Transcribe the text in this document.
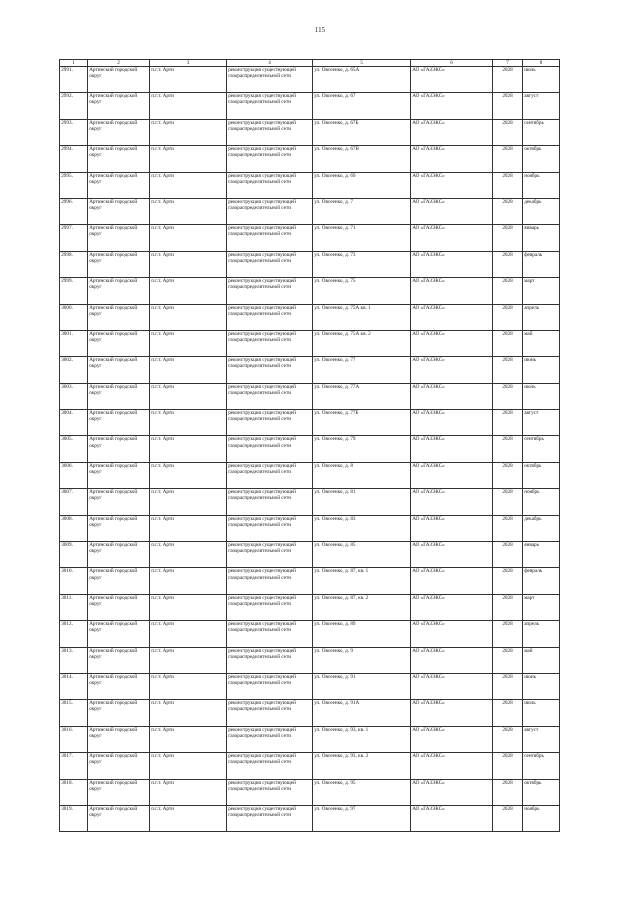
115
1	2	3	4	5	6	7	8
2991.	Артинский городской округ	п.г.т. Арти	реконструкция существующей газораспределительной сети	ул. Овсеенко, д. 65А	АО «ГАЗЭКС»	2028	июль
2992.	Артинский городской округ	п.г.т. Арти	реконструкция существующей газораспределительной сети	ул. Овсеенко, д. 67	АО «ГАЗЭКС»	2028	август
2993.	Артинский городской округ	п.г.т. Арти	реконструкция существующей газораспределительной сети	ул. Овсеенко, д. 67Б	АО «ГАЗЭКС»	2028	сентябрь
2994.	Артинский городской округ	п.г.т. Арти	реконструкция существующей газораспределительной сети	ул. Овсеенко, д. 67В	АО «ГАЗЭКС»	2028	октябрь
2995.	Артинский городской округ	п.г.т. Арти	реконструкция существующей газораспределительной сети	ул. Овсеенко, д. 69	АО «ГАЗЭКС»	2028	ноябрь
2996.	Артинский городской округ	п.г.т. Арти	реконструкция существующей газораспределительной сети	ул. Овсеенко, д. 7	АО «ГАЗЭКС»	2028	декабрь
2997.	Артинский городской округ	п.г.т. Арти	реконструкция существующей газораспределительной сети	ул. Овсеенко, д. 71	АО «ГАЗЭКС»	2028	январь
2998.	Артинский городской округ	п.г.т. Арти	реконструкция существующей газораспределительной сети	ул. Овсеенко, д. 73	АО «ГАЗЭКС»	2028	февраль
2999.	Артинский городской округ	п.г.т. Арти	реконструкция существующей газораспределительной сети	ул. Овсеенко, д. 75	АО «ГАЗЭКС»	2028	март
3000.	Артинский городской округ	п.г.т. Арти	реконструкция существующей газораспределительной сети	ул. Овсеенко, д. 75А кв. 1	АО «ГАЗЭКС»	2028	апрель
3001.	Артинский городской округ	п.г.т. Арти	реконструкция существующей газораспределительной сети	ул. Овсеенко, д. 75А кв. 2	АО «ГАЗЭКС»	2028	май
3002.	Артинский городской округ	п.г.т. Арти	реконструкция существующей газораспределительной сети	ул. Овсеенко, д. 77	АО «ГАЗЭКС»	2028	июнь
3003.	Артинский городской округ	п.г.т. Арти	реконструкция существующей газораспределительной сети	ул. Овсеенко, д. 77А	АО «ГАЗЭКС»	2028	июль
3004.	Артинский городской округ	п.г.т. Арти	реконструкция существующей газораспределительной сети	ул. Овсеенко, д. 77Б	АО «ГАЗЭКС»	2028	август
3005.	Артинский городской округ	п.г.т. Арти	реконструкция существующей газораспределительной сети	ул. Овсеенко, д. 79	АО «ГАЗЭКС»	2028	сентябрь
3006.	Артинский городской округ	п.г.т. Арти	реконструкция существующей газораспределительной сети	ул. Овсеенко, д. 8	АО «ГАЗЭКС»	2028	октябрь
3007.	Артинский городской округ	п.г.т. Арти	реконструкция существующей газораспределительной сети	ул. Овсеенко, д. 81	АО «ГАЗЭКС»	2028	ноябрь
3008.	Артинский городской округ	п.г.т. Арти	реконструкция существующей газораспределительной сети	ул. Овсеенко, д. 83	АО «ГАЗЭКС»	2028	декабрь
3009.	Артинский городской округ	п.г.т. Арти	реконструкция существующей газораспределительной сети	ул. Овсеенко, д. 85	АО «ГАЗЭКС»	2028	январь
3010.	Артинский городской округ	п.г.т. Арти	реконструкция существующей газораспределительной сети	ул. Овсеенко, д. 87, кв. 1	АО «ГАЗЭКС»	2028	февраль
3011.	Артинский городской округ	п.г.т. Арти	реконструкция существующей газораспределительной сети	ул. Овсеенко, д. 87, кв. 2	АО «ГАЗЭКС»	2028	март
3012.	Артинский городской округ	п.г.т. Арти	реконструкция существующей газораспределительной сети	ул. Овсеенко, д. 89	АО «ГАЗЭКС»	2028	апрель
3013.	Артинский городской округ	п.г.т. Арти	реконструкция существующей газораспределительной сети	ул. Овсеенко, д. 9	АО «ГАЗЭКС»	2028	май
3014.	Артинский городской округ	п.г.т. Арти	реконструкция существующей газораспределительной сети	ул. Овсеенко, д. 91	АО «ГАЗЭКС»	2028	июнь
3015.	Артинский городской округ	п.г.т. Арти	реконструкция существующей газораспределительной сети	ул. Овсеенко, д. 91А	АО «ГАЗЭКС»	2028	июль
3016.	Артинский городской округ	п.г.т. Арти	реконструкция существующей газораспределительной сети	ул. Овсеенко, д. 93, кв. 1	АО «ГАЗЭКС»	2028	август
3017.	Артинский городской округ	п.г.т. Арти	реконструкция существующей газораспределительной сети	ул. Овсеенко, д. 93, кв. 2	АО «ГАЗЭКС»	2028	сентябрь
3018.	Артинский городской округ	п.г.т. Арти	реконструкция существующей газораспределительной сети	ул. Овсеенко, д. 95	АО «ГАЗЭКС»	2028	октябрь
3019.	Артинский городской округ	п.г.т. Арти	реконструкция существующей газораспределительной сети	ул. Овсеенко, д. 97	АО «ГАЗЭКС»	2028	ноябрь
